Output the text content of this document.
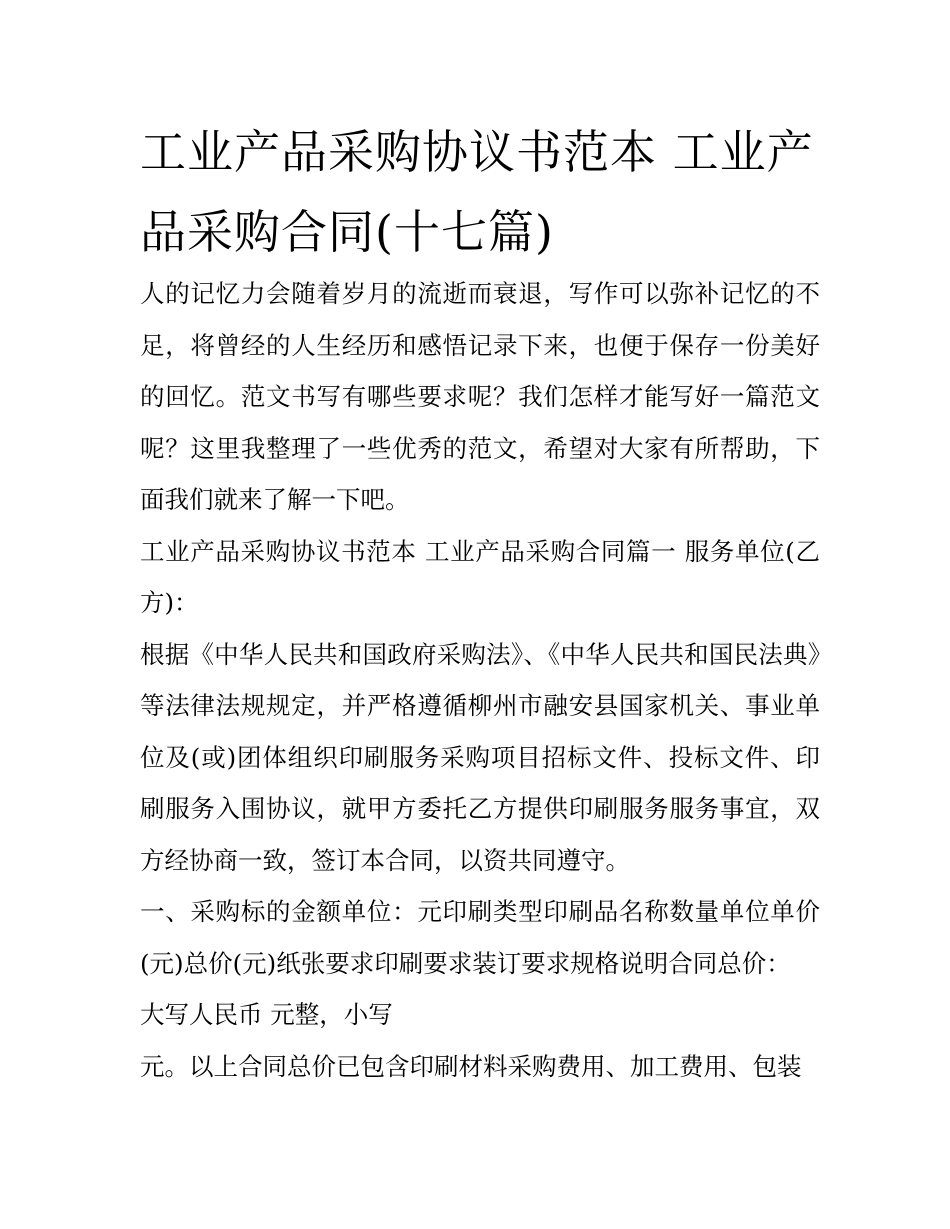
工业产品采购协议书范本 工业产品采购合同(十七篇)

人的记忆力会随着岁月的流逝而衰退，写作可以弥补记忆的不足，将曾经的人生经历和感悟记录下来，也便于保存一份美好的回忆。范文书写有哪些要求呢？我们怎样才能写好一篇范文呢？这里我整理了一些优秀的范文，希望对大家有所帮助，下面我们就来了解一下吧。

工业产品采购协议书范本 工业产品采购合同篇一 服务单位(乙方)：

根据《中华人民共和国政府采购法》、《中华人民共和国民法典》等法律法规规定，并严格遵循柳州市融安县国家机关、事业单位及(或)团体组织印刷服务采购项目招标文件、投标文件、印刷服务入围协议，就甲方委托乙方提供印刷服务服务事宜，双方经协商一致，签订本合同，以资共同遵守。

一、采购标的金额单位：元印刷类型印刷品名称数量单位单价(元)总价(元)纸张要求印刷要求装订要求规格说明合同总价：

大写人民币 元整，小写

元。以上合同总价已包含印刷材料采购费用、加工费用、包装
